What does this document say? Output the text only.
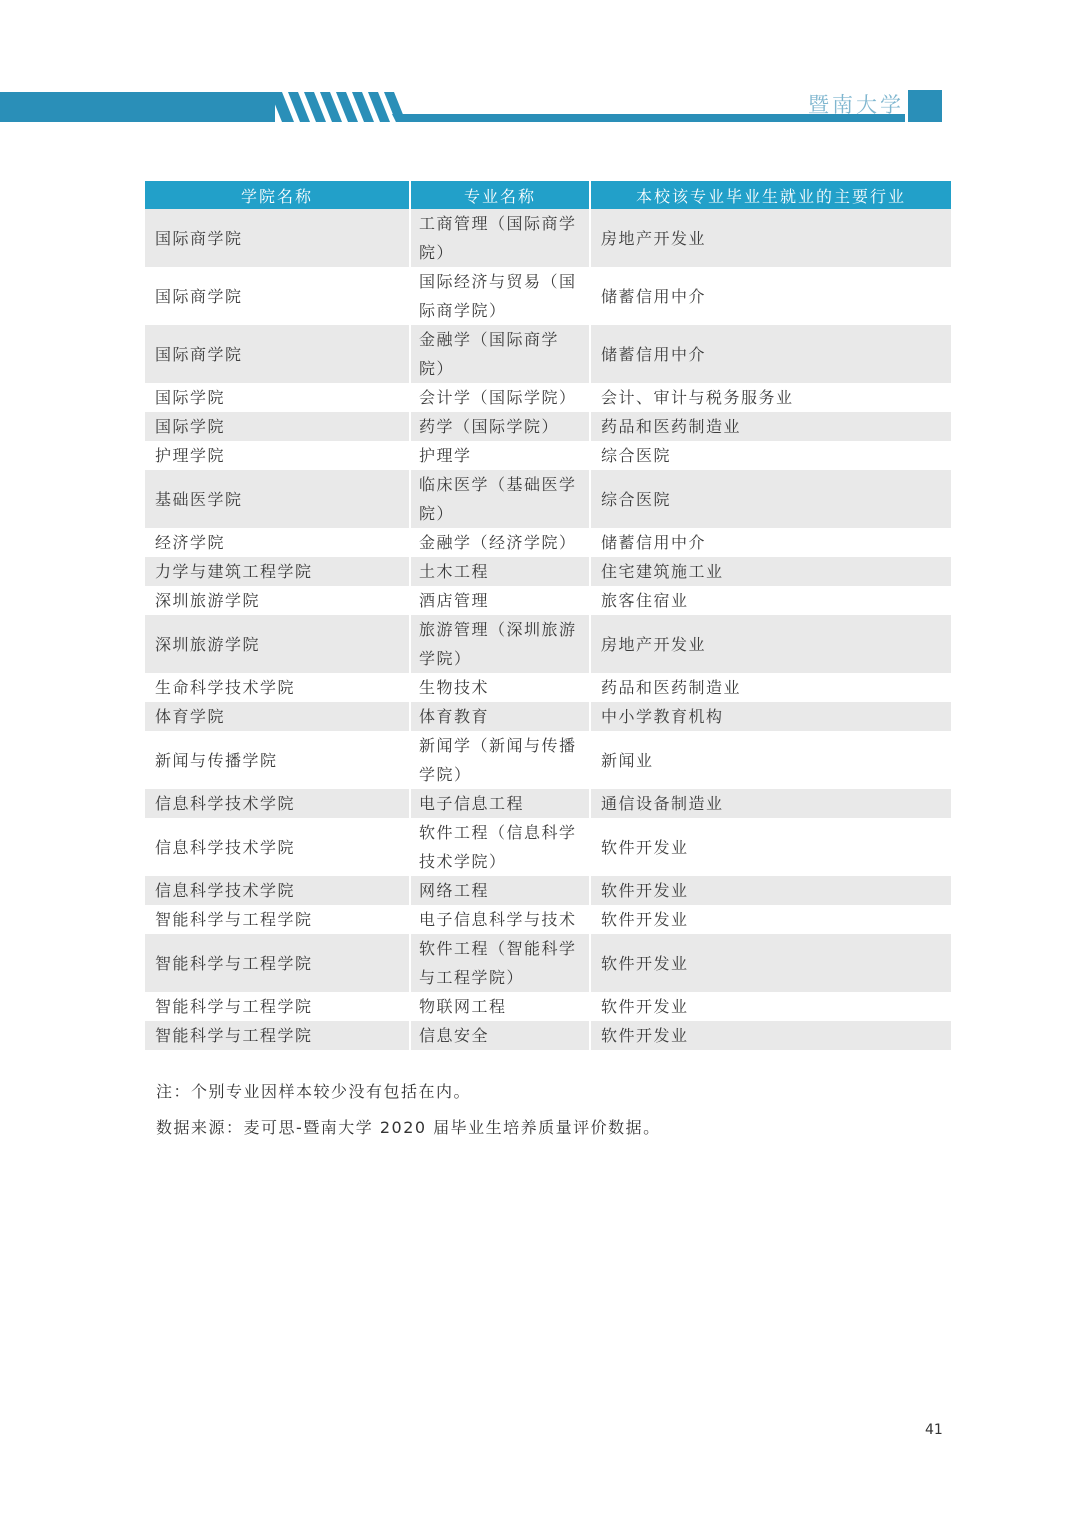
暨南大学
学院名称	专业名称	本校该专业毕业生就业的主要行业
国际商学院	工商管理（国际商学院）	房地产开发业
国际商学院	国际经济与贸易（国际商学院）	储蓄信用中介
国际商学院	金融学（国际商学院）	储蓄信用中介
国际学院	会计学（国际学院）	会计、审计与税务服务业
国际学院	药学（国际学院）	药品和医药制造业
护理学院	护理学	综合医院
基础医学院	临床医学（基础医学院）	综合医院
经济学院	金融学（经济学院）	储蓄信用中介
力学与建筑工程学院	土木工程	住宅建筑施工业
深圳旅游学院	酒店管理	旅客住宿业
深圳旅游学院	旅游管理（深圳旅游学院）	房地产开发业
生命科学技术学院	生物技术	药品和医药制造业
体育学院	体育教育	中小学教育机构
新闻与传播学院	新闻学（新闻与传播学院）	新闻业
信息科学技术学院	电子信息工程	通信设备制造业
信息科学技术学院	软件工程（信息科学技术学院）	软件开发业
信息科学技术学院	网络工程	软件开发业
智能科学与工程学院	电子信息科学与技术	软件开发业
智能科学与工程学院	软件工程（智能科学与工程学院）	软件开发业
智能科学与工程学院	物联网工程	软件开发业
智能科学与工程学院	信息安全	软件开发业
注：个别专业因样本较少没有包括在内。
数据来源：麦可思-暨南大学 2020 届毕业生培养质量评价数据。
41
